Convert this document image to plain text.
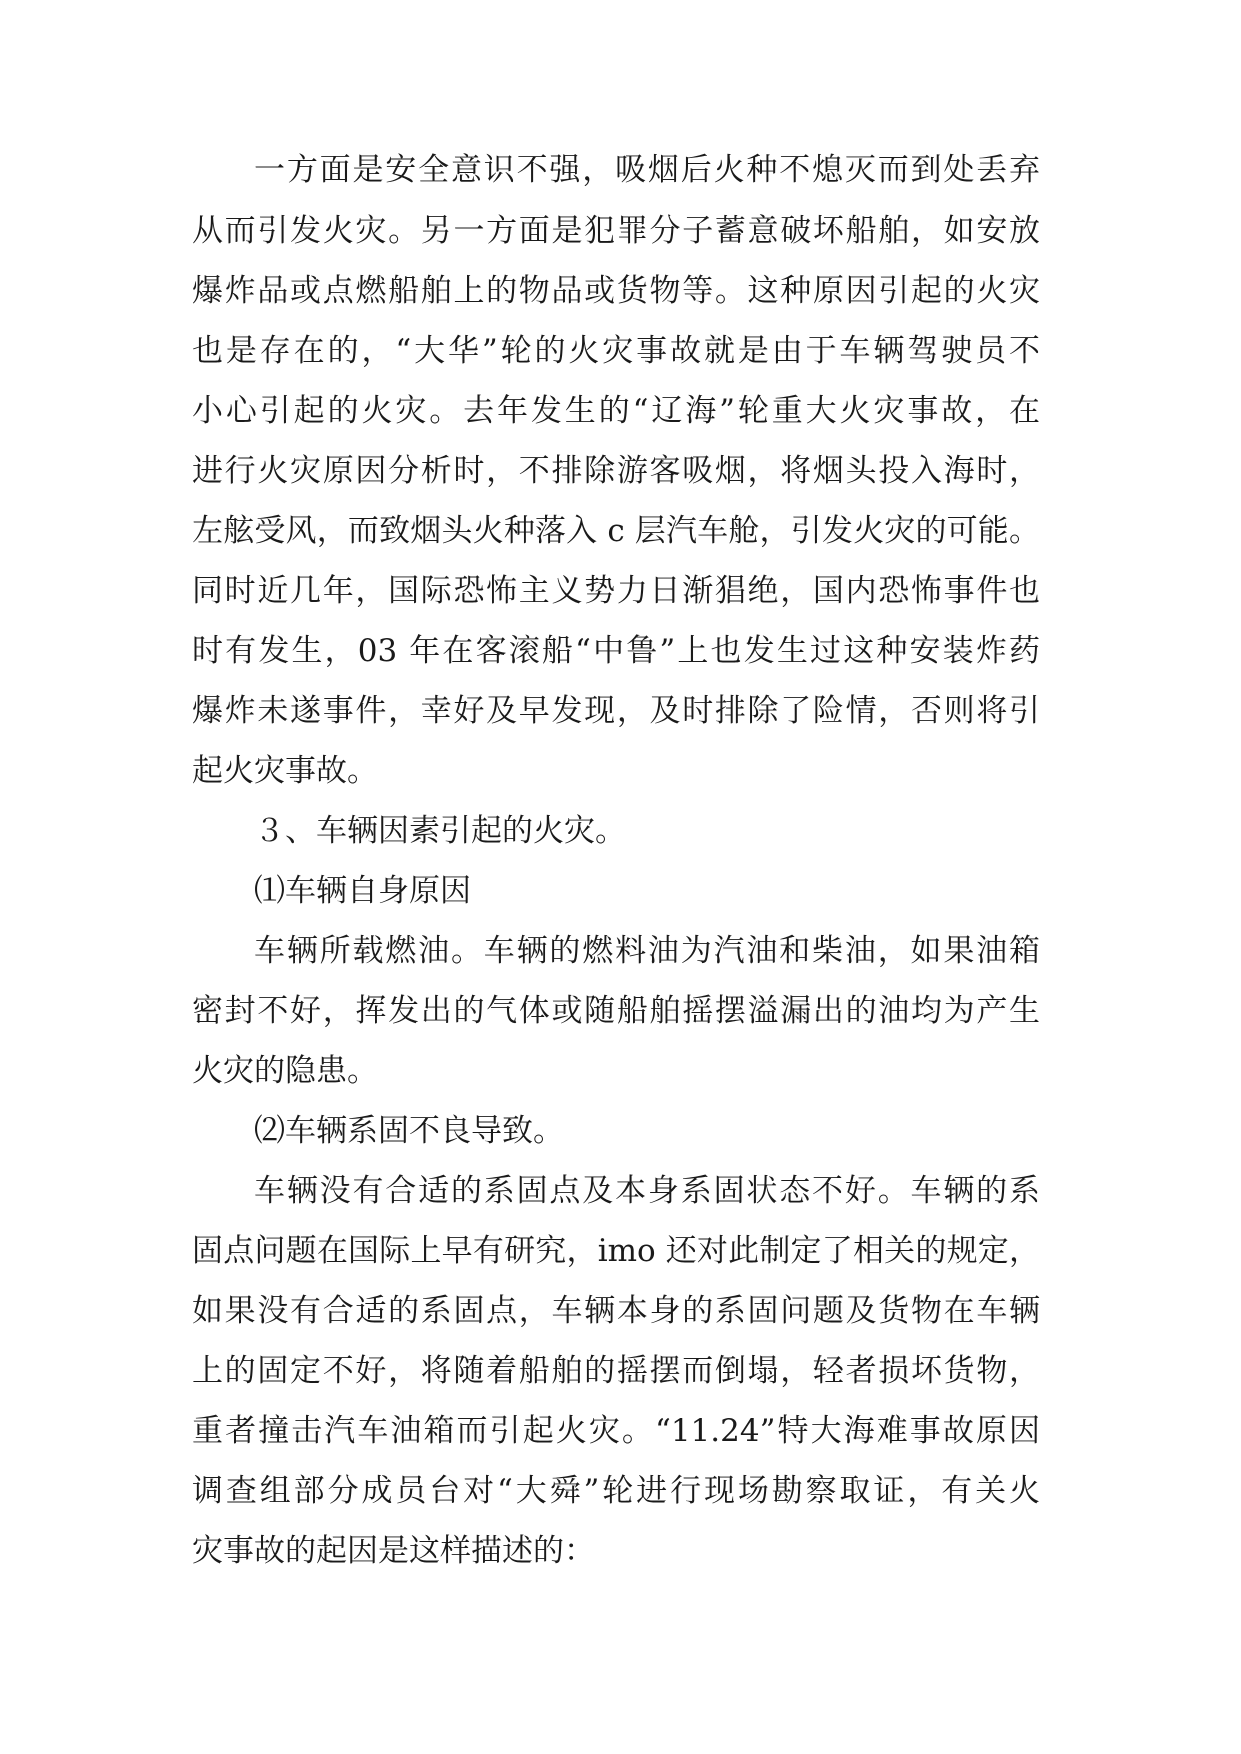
一方面是安全意识不强，吸烟后火种不熄灭而到处丢弃
从而引发火灾。另一方面是犯罪分子蓄意破坏船舶，如安放
爆炸品或点燃船舶上的物品或货物等。这种原因引起的火灾
也是存在的，“大华”轮的火灾事故就是由于车辆驾驶员不
小心引起的火灾。去年发生的“辽海”轮重大火灾事故，在
进行火灾原因分析时，不排除游客吸烟，将烟头投入海时，
左舷受风，而致烟头火种落入 c 层汽车舱，引发火灾的可能。
同时近几年，国际恐怖主义势力日渐猖绝，国内恐怖事件也
时有发生，03 年在客滚船“中鲁”上也发生过这种安装炸药
爆炸未遂事件，幸好及早发现，及时排除了险情，否则将引
起火灾事故。
３、车辆因素引起的火灾。
⑴车辆自身原因
车辆所载燃油。车辆的燃料油为汽油和柴油，如果油箱
密封不好，挥发出的气体或随船舶摇摆溢漏出的油均为产生
火灾的隐患。
⑵车辆系固不良导致。
车辆没有合适的系固点及本身系固状态不好。车辆的系
固点问题在国际上早有研究，imo 还对此制定了相关的规定，
如果没有合适的系固点，车辆本身的系固问题及货物在车辆
上的固定不好，将随着船舶的摇摆而倒塌，轻者损坏货物，
重者撞击汽车油箱而引起火灾。“11.24”特大海难事故原因
调查组部分成员台对“大舜”轮进行现场勘察取证，有关火
灾事故的起因是这样描述的：
